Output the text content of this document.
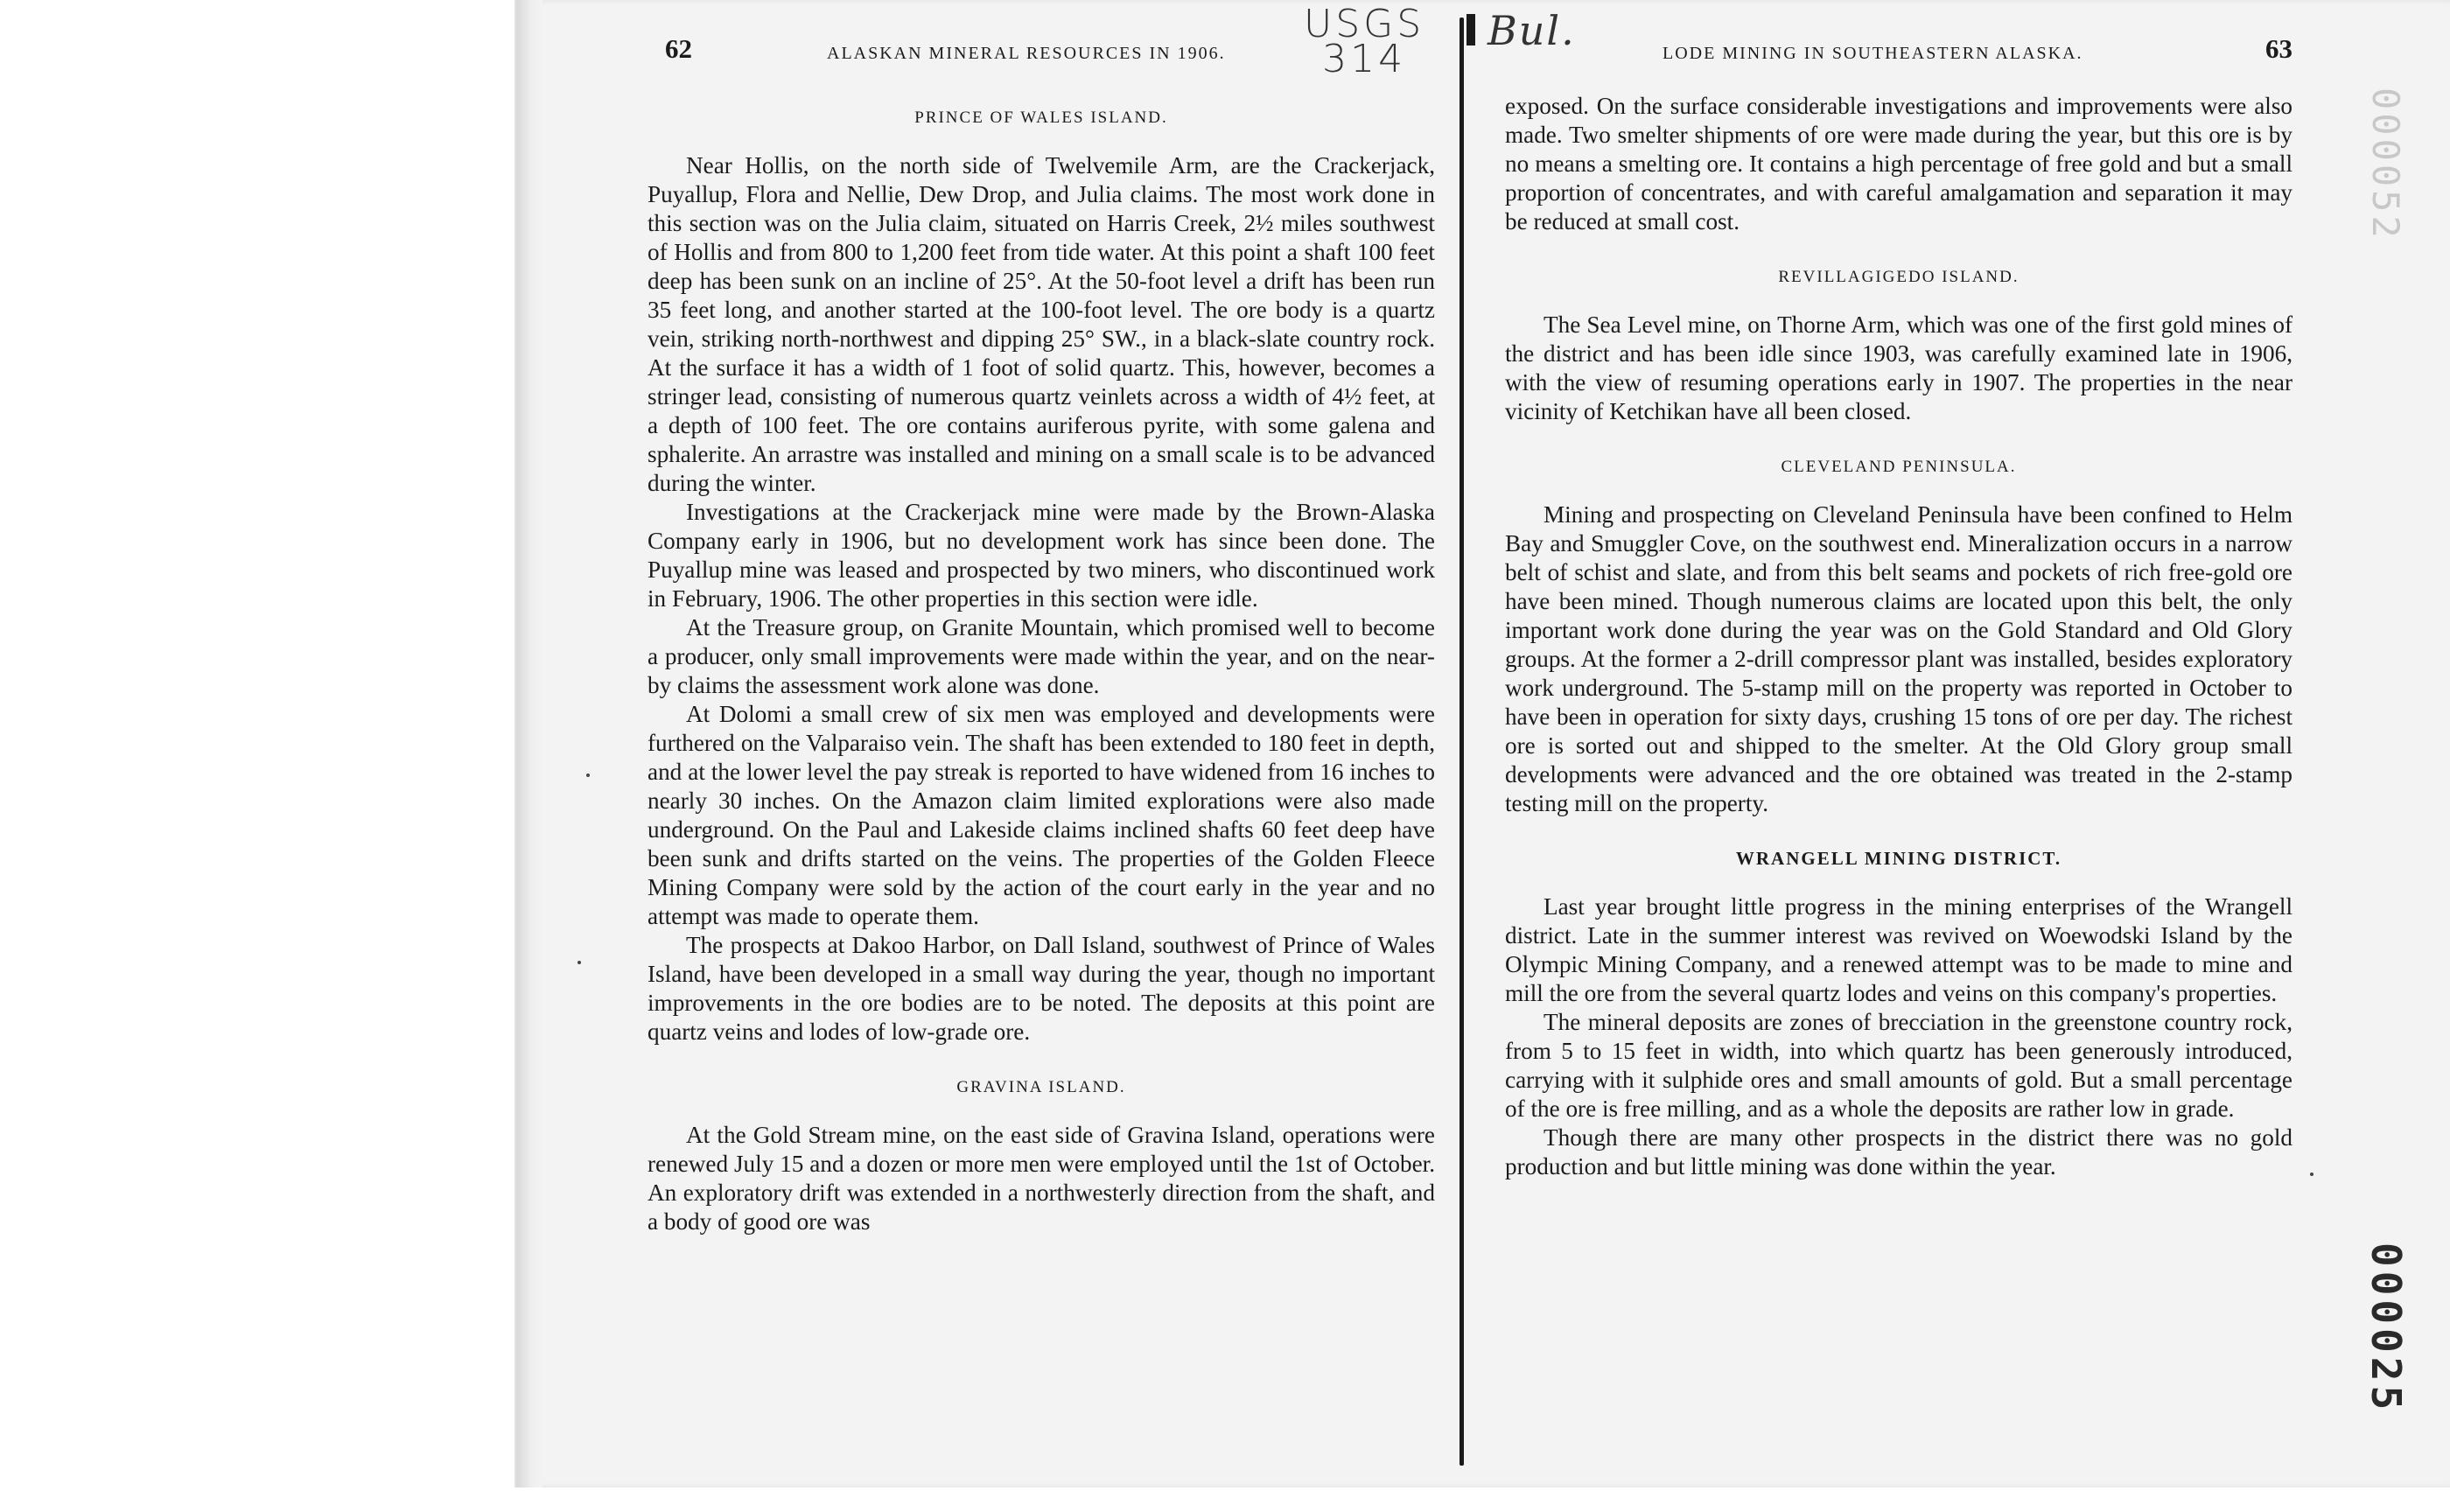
USGS
314
Bul.
000052
000025
62	ALASKAN MINERAL RESOURCES IN 1906.
PRINCE OF WALES ISLAND.

Near Hollis, on the north side of Twelvemile Arm, are the Crackerjack, Puyallup, Flora and Nellie, Dew Drop, and Julia claims. The most work done in this section was on the Julia claim, situated on Harris Creek, 2½ miles southwest of Hollis and from 800 to 1,200 feet from tide water. At this point a shaft 100 feet deep has been sunk on an incline of 25°. At the 50-foot level a drift has been run 35 feet long, and another started at the 100-foot level. The ore body is a quartz vein, striking north-northwest and dipping 25° SW., in a black-slate country rock. At the surface it has a width of 1 foot of solid quartz. This, however, becomes a stringer lead, consisting of numerous quartz veinlets across a width of 4½ feet, at a depth of 100 feet. The ore contains auriferous pyrite, with some galena and sphalerite. An arrastre was installed and mining on a small scale is to be advanced during the winter.

Investigations at the Crackerjack mine were made by the Brown-Alaska Company early in 1906, but no development work has since been done. The Puyallup mine was leased and prospected by two miners, who discontinued work in February, 1906. The other properties in this section were idle.

At the Treasure group, on Granite Mountain, which promised well to become a producer, only small improvements were made within the year, and on the near-by claims the assessment work alone was done.

At Dolomi a small crew of six men was employed and developments were furthered on the Valparaiso vein. The shaft has been extended to 180 feet in depth, and at the lower level the pay streak is reported to have widened from 16 inches to nearly 30 inches. On the Amazon claim limited explorations were also made underground. On the Paul and Lakeside claims inclined shafts 60 feet deep have been sunk and drifts started on the veins. The properties of the Golden Fleece Mining Company were sold by the action of the court early in the year and no attempt was made to operate them.

The prospects at Dakoo Harbor, on Dall Island, southwest of Prince of Wales Island, have been developed in a small way during the year, though no important improvements in the ore bodies are to be noted. The deposits at this point are quartz veins and lodes of low-grade ore.

GRAVINA ISLAND.

At the Gold Stream mine, on the east side of Gravina Island, operations were renewed July 15 and a dozen or more men were employed until the 1st of October. An exploratory drift was extended in a northwesterly direction from the shaft, and a body of good ore was

LODE MINING IN SOUTHEASTERN ALASKA.	63

exposed. On the surface considerable investigations and improvements were also made. Two smelter shipments of ore were made during the year, but this ore is by no means a smelting ore. It contains a high percentage of free gold and but a small proportion of concentrates, and with careful amalgamation and separation it may be reduced at small cost.

REVILLAGIGEDO ISLAND.

The Sea Level mine, on Thorne Arm, which was one of the first gold mines of the district and has been idle since 1903, was carefully examined late in 1906, with the view of resuming operations early in 1907. The properties in the near vicinity of Ketchikan have all been closed.

CLEVELAND PENINSULA.

Mining and prospecting on Cleveland Peninsula have been confined to Helm Bay and Smuggler Cove, on the southwest end. Mineralization occurs in a narrow belt of schist and slate, and from this belt seams and pockets of rich free-gold ore have been mined. Though numerous claims are located upon this belt, the only important work done during the year was on the Gold Standard and Old Glory groups. At the former a 2-drill compressor plant was installed, besides exploratory work underground. The 5-stamp mill on the property was reported in October to have been in operation for sixty days, crushing 15 tons of ore per day. The richest ore is sorted out and shipped to the smelter. At the Old Glory group small developments were advanced and the ore obtained was treated in the 2-stamp testing mill on the property.

WRANGELL MINING DISTRICT.

Last year brought little progress in the mining enterprises of the Wrangell district. Late in the summer interest was revived on Woewodski Island by the Olympic Mining Company, and a renewed attempt was to be made to mine and mill the ore from the several quartz lodes and veins on this company's properties.

The mineral deposits are zones of brecciation in the greenstone country rock, from 5 to 15 feet in width, into which quartz has been generously introduced, carrying with it sulphide ores and small amounts of gold. But a small percentage of the ore is free milling, and as a whole the deposits are rather low in grade.

Though there are many other prospects in the district there was no gold production and but little mining was done within the year.
